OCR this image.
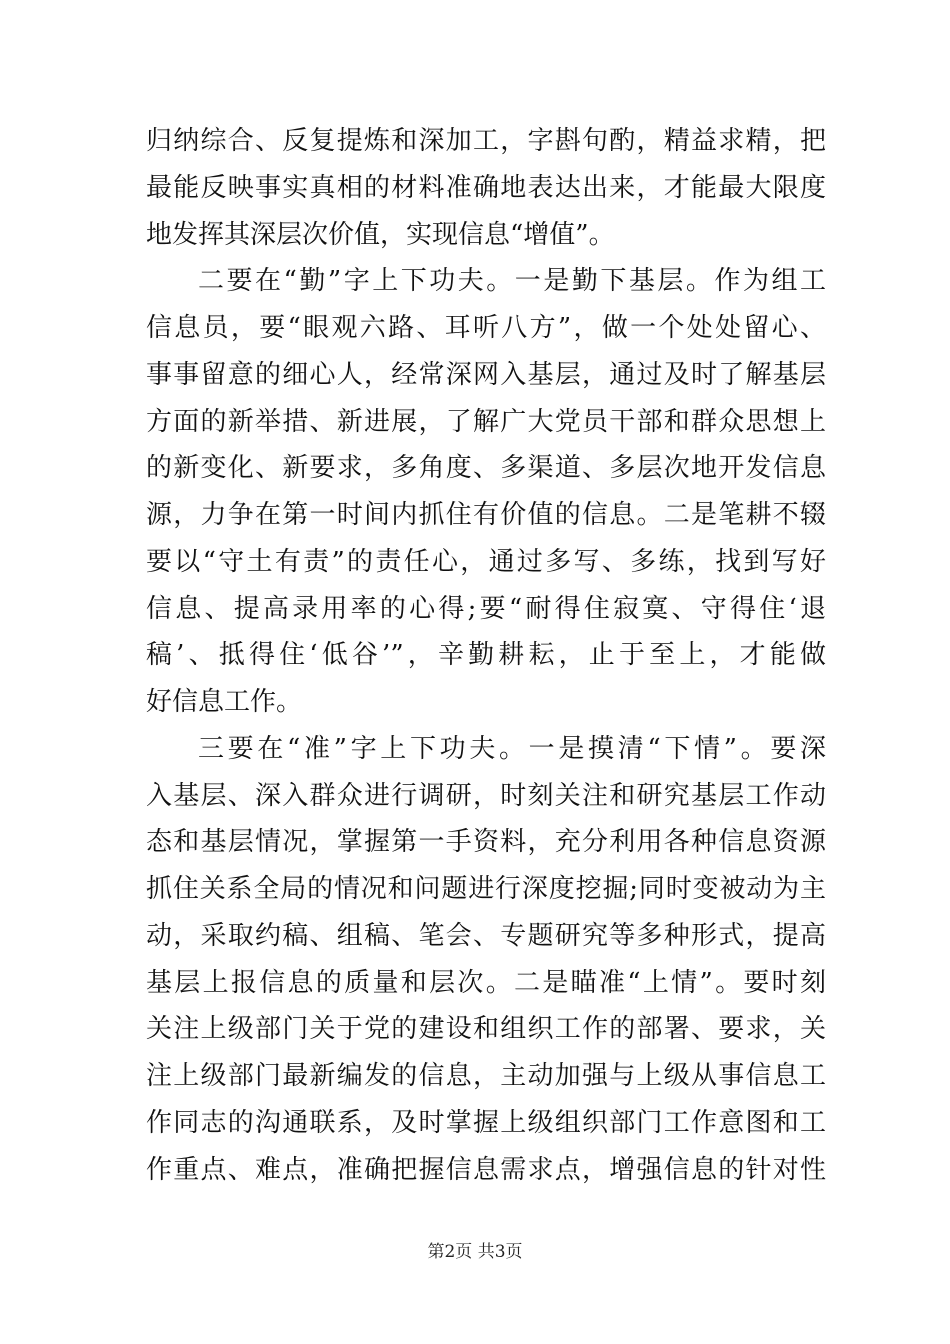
归纳综合、反复提炼和深加工，字斟句酌，精益求精，把
最能反映事实真相的材料准确地表达出来，才能最大限度
地发挥其深层次价值，实现信息“增值”。
二要在“勤”字上下功夫。一是勤下基层。作为组工
信息员，要“眼观六路、耳听八方”，做一个处处留心、
事事留意的细心人，经常深网入基层，通过及时了解基层
方面的新举措、新进展，了解广大党员干部和群众思想上
的新变化、新要求，多角度、多渠道、多层次地开发信息
源，力争在第一时间内抓住有价值的信息。二是笔耕不辍
要以“守土有责”的责任心，通过多写、多练，找到写好
信息、提高录用率的心得;要“耐得住寂寞、守得住‘退
稿’、抵得住‘低谷’”，辛勤耕耘，止于至上，才能做
好信息工作。
三要在“准”字上下功夫。一是摸清“下情”。要深
入基层、深入群众进行调研，时刻关注和研究基层工作动
态和基层情况，掌握第一手资料，充分利用各种信息资源
抓住关系全局的情况和问题进行深度挖掘;同时变被动为主
动，采取约稿、组稿、笔会、专题研究等多种形式，提高
基层上报信息的质量和层次。二是瞄准“上情”。要时刻
关注上级部门关于党的建设和组织工作的部署、要求，关
注上级部门最新编发的信息，主动加强与上级从事信息工
作同志的沟通联系，及时掌握上级组织部门工作意图和工
作重点、难点，准确把握信息需求点，增强信息的针对性
第2页 共3页
